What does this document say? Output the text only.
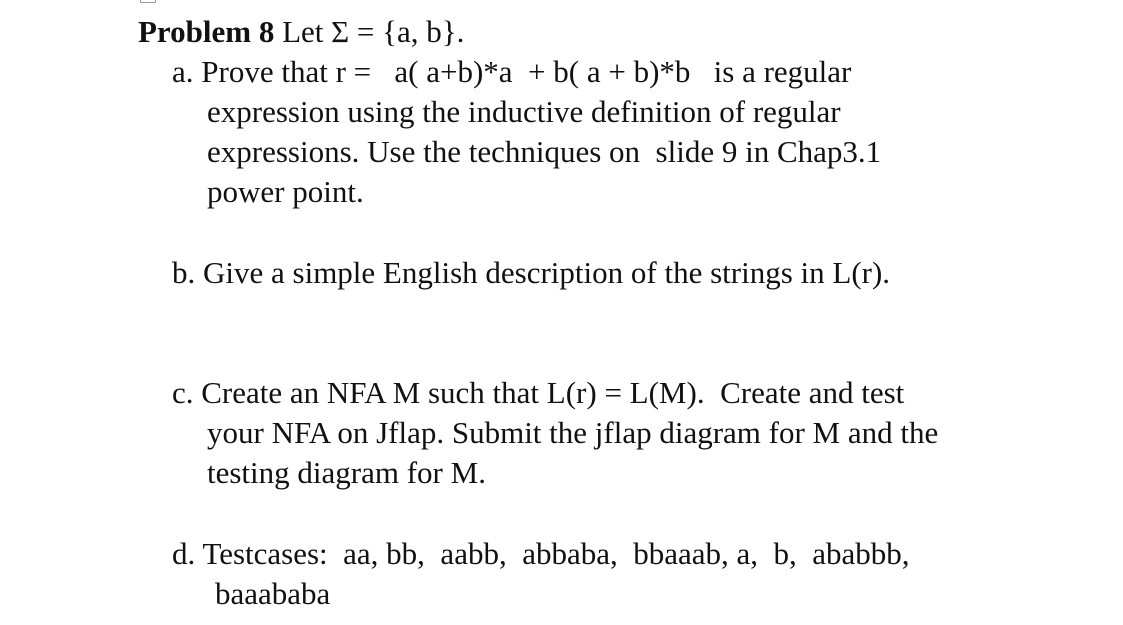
Problem 8 Let Σ = {a, b}.
a. Prove that r =   a( a+b)*a  + b( a + b)*b   is a regular
expression using the inductive definition of regular
expressions. Use the techniques on  slide 9 in Chap3.1
power point.
b. Give a simple English description of the strings in L(r).
c. Create an NFA M such that L(r) = L(M).  Create and test
your NFA on Jflap. Submit the jflap diagram for M and the
testing diagram for M.
d. Testcases:  aa, bb,  aabb,  abbaba,  bbaaab, a,  b,  ababbb,
baaababa
